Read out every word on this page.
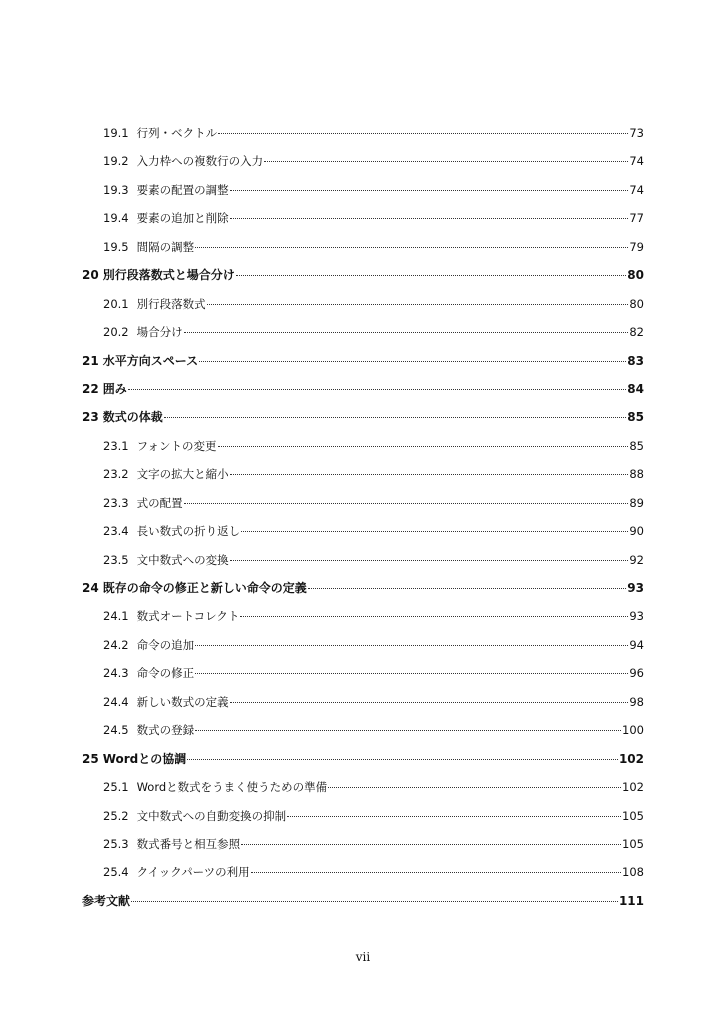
19.1 行列・ベクトル	73
19.2 入力枠への複数行の入力	74
19.3 要素の配置の調整	74
19.4 要素の追加と削除	77
19.5 間隔の調整	79
20 別行段落数式と場合分け	80
20.1 別行段落数式	80
20.2 場合分け	82
21 水平方向スペース	83
22 囲み	84
23 数式の体裁	85
23.1 フォントの変更	85
23.2 文字の拡大と縮小	88
23.3 式の配置	89
23.4 長い数式の折り返し	90
23.5 文中数式への変換	92
24 既存の命令の修正と新しい命令の定義	93
24.1 数式オートコレクト	93
24.2 命令の追加	94
24.3 命令の修正	96
24.4 新しい数式の定義	98
24.5 数式の登録	100
25 Wordとの協調	102
25.1 Wordと数式をうまく使うための準備	102
25.2 文中数式への自動変換の抑制	105
25.3 数式番号と相互参照	105
25.4 クイックパーツの利用	108
参考文献	111
vii
